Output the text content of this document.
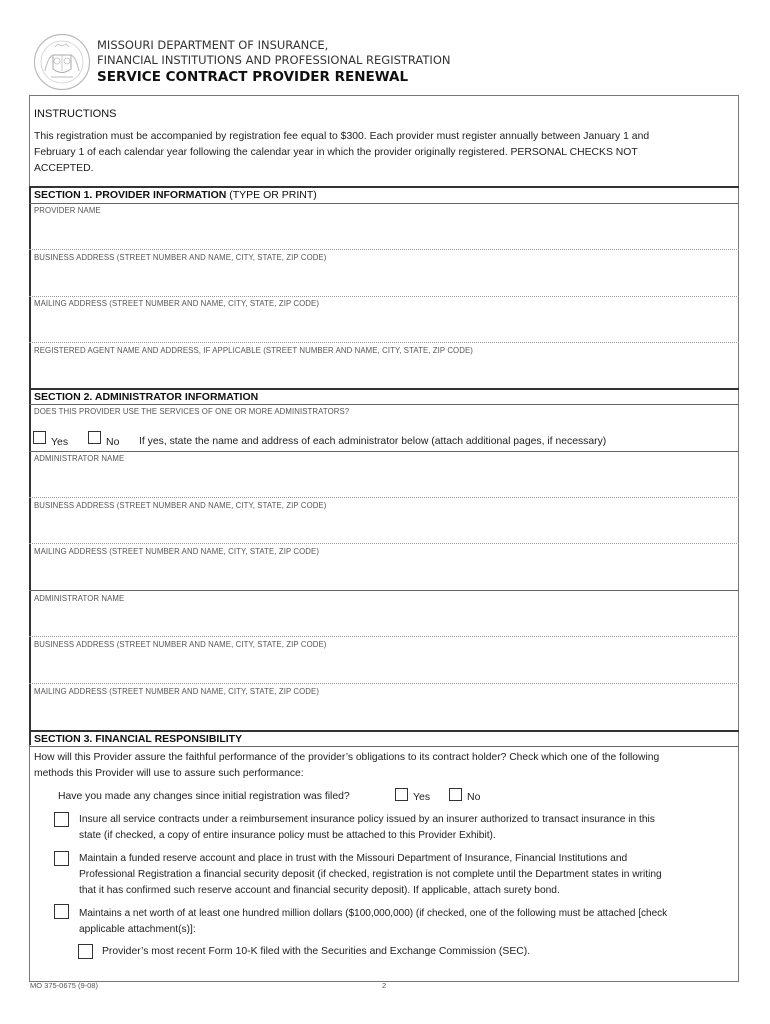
MISSOURI DEPARTMENT OF INSURANCE,
FINANCIAL INSTITUTIONS AND PROFESSIONAL REGISTRATION
SERVICE CONTRACT PROVIDER RENEWAL
INSTRUCTIONS
This registration must be accompanied by registration fee equal to $300. Each provider must register annually between January 1 and
February 1 of each calendar year following the calendar year in which the provider originally registered. PERSONAL CHECKS NOT
ACCEPTED.
SECTION 1. PROVIDER INFORMATION (TYPE OR PRINT)
PROVIDER NAME
BUSINESS ADDRESS (STREET NUMBER AND NAME, CITY, STATE, ZIP CODE)
MAILING ADDRESS (STREET NUMBER AND NAME, CITY, STATE, ZIP CODE)
REGISTERED AGENT NAME AND ADDRESS, IF APPLICABLE (STREET NUMBER AND NAME, CITY, STATE, ZIP CODE)
SECTION 2. ADMINISTRATOR INFORMATION
DOES THIS PROVIDER USE THE SERVICES OF ONE OR MORE ADMINISTRATORS?
Yes	No If yes, state the name and address of each administrator below (attach additional pages, if necessary)
ADMINISTRATOR NAME
BUSINESS ADDRESS (STREET NUMBER AND NAME, CITY, STATE, ZIP CODE)
MAILING ADDRESS (STREET NUMBER AND NAME, CITY, STATE, ZIP CODE)
ADMINISTRATOR NAME
BUSINESS ADDRESS (STREET NUMBER AND NAME, CITY, STATE, ZIP CODE)
MAILING ADDRESS (STREET NUMBER AND NAME, CITY, STATE, ZIP CODE)
SECTION 3. FINANCIAL RESPONSIBILITY
How will this Provider assure the faithful performance of the provider’s obligations to its contract holder? Check which one of the following
methods this Provider will use to assure such performance:
Have you made any changes since initial registration was filed?	Yes	No
Insure all service contracts under a reimbursement insurance policy issued by an insurer authorized to transact insurance in this
state (if checked, a copy of entire insurance policy must be attached to this Provider Exhibit).
Maintain a funded reserve account and place in trust with the Missouri Department of Insurance, Financial Institutions and
Professional Registration a financial security deposit (if checked, registration is not complete until the Department states in writing
that it has confirmed such reserve account and financial security deposit). If applicable, attach surety bond.
Maintains a net worth of at least one hundred million dollars ($100,000,000) (if checked, one of the following must be attached [check
applicable attachment(s)]:
Provider’s most recent Form 10-K filed with the Securities and Exchange Commission (SEC).
MO 375-0675 (9-08)	2
